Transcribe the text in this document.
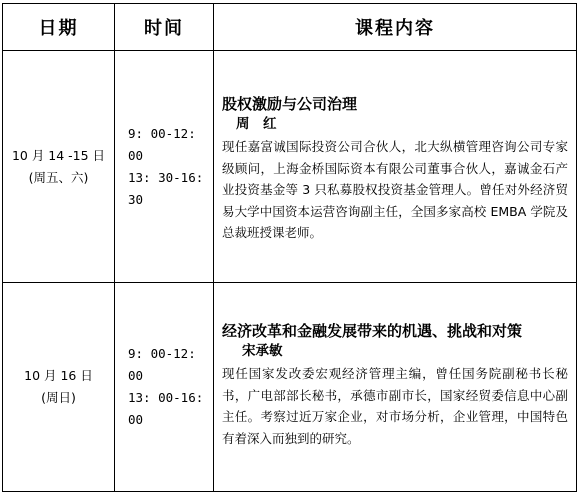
日期	时间	课程内容
10 月 14 -15 日
(周五、六)
9: 00-12: 00
13: 30-16: 30
股权激励与公司治理
周　红
现任嘉富诚国际投资公司合伙人，北大纵横管理咨询公司专家级顾问，上海金桥国际资本有限公司董事合伙人，嘉诚金石产业投资基金等 3 只私募股权投资基金管理人。曾任对外经济贸易大学中国资本运营咨询副主任，全国多家高校 EMBA 学院及总裁班授课老师。
10 月 16 日
(周日)
9: 00-12: 00
13: 00-16: 00
经济改革和金融发展带来的机遇、挑战和对策
宋承敏
现任国家发改委宏观经济管理主编，曾任国务院副秘书长秘书，广电部部长秘书，承德市副市长，国家经贸委信息中心副主任。考察过近万家企业，对市场分析，企业管理，中国特色有着深入而独到的研究。
